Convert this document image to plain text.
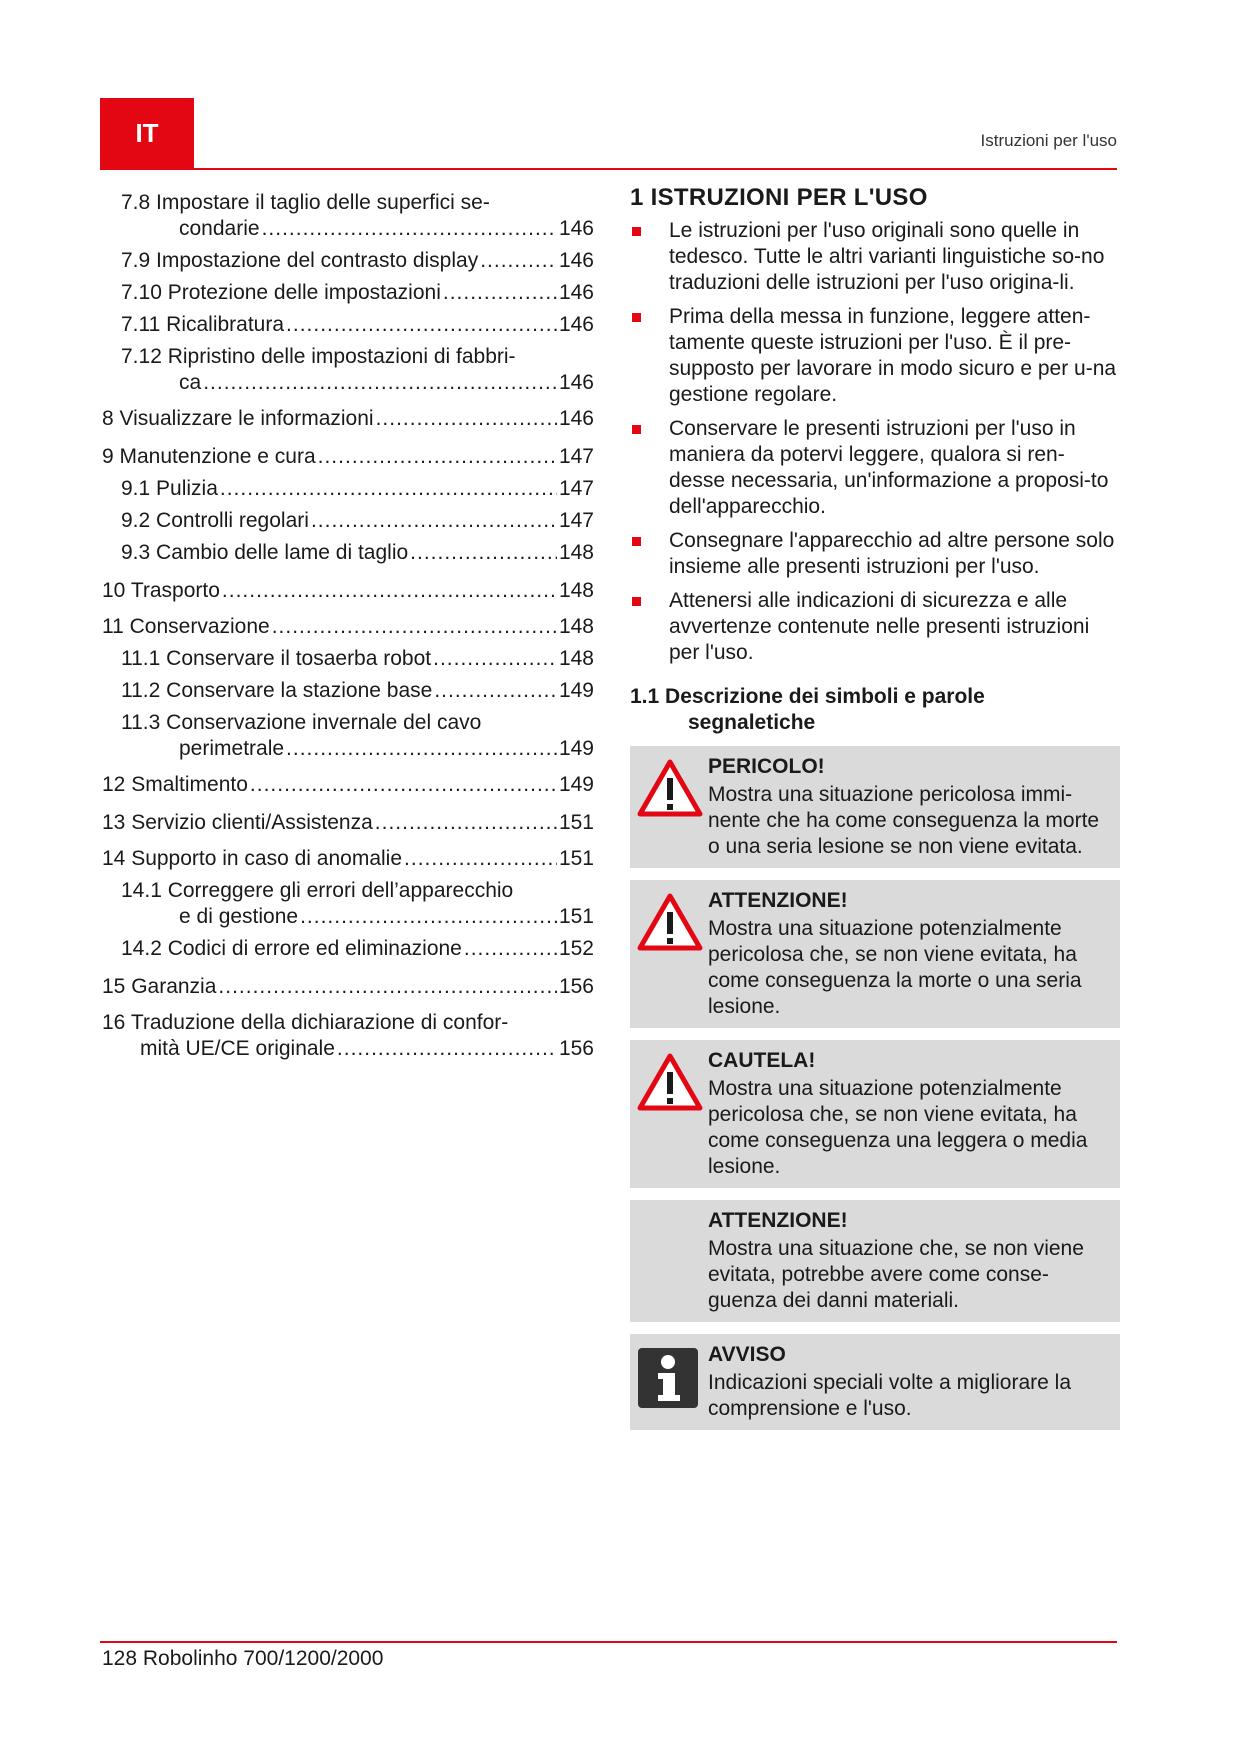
IT	Istruzioni per l'uso
7.8 Impostare il taglio delle superfici se-
condarie .....	146
7.9 Impostazione del contrasto display .....	146
7.10 Protezione delle impostazioni .....	146
7.11 Ricalibratura .....	146
7.12 Ripristino delle impostazioni di fabbri-
ca .....	146
8 Visualizzare le informazioni .....	146
9 Manutenzione e cura .....	147
9.1 Pulizia .....	147
9.2 Controlli regolari .....	147
9.3 Cambio delle lame di taglio .....	148
10 Trasporto .....	148
11 Conservazione .....	148
11.1 Conservare il tosaerba robot .....	148
11.2 Conservare la stazione base .....	149
11.3 Conservazione invernale del cavo
perimetrale .....	149
12 Smaltimento .....	149
13 Servizio clienti/Assistenza .....	151
14 Supporto in caso di anomalie .....	151
14.1 Correggere gli errori dell’apparecchio
e di gestione .....	151
14.2 Codici di errore ed eliminazione .....	152
15 Garanzia .....	156
16 Traduzione della dichiarazione di confor-
mità UE/CE originale .....	156
1 ISTRUZIONI PER L'USO
Le istruzioni per l'uso originali sono quelle in tedesco. Tutte le altri varianti linguistiche so-no traduzioni delle istruzioni per l'uso origina-li.
Prima della messa in funzione, leggere atten-tamente queste istruzioni per l'uso. È il pre-supposto per lavorare in modo sicuro e per u-na gestione regolare.
Conservare le presenti istruzioni per l'uso in maniera da potervi leggere, qualora si ren-desse necessaria, un'informazione a proposi-to dell'apparecchio.
Consegnare l'apparecchio ad altre persone solo insieme alle presenti istruzioni per l'uso.
Attenersi alle indicazioni di sicurezza e alle avvertenze contenute nelle presenti istruzioni per l'uso.
1.1 Descrizione dei simboli e parole
segnaletiche
PERICOLO!
Mostra una situazione pericolosa immi-nente che ha come conseguenza la morte o una seria lesione se non viene evitata.
ATTENZIONE!
Mostra una situazione potenzialmente pericolosa che, se non viene evitata, ha come conseguenza la morte o una seria lesione.
CAUTELA!
Mostra una situazione potenzialmente pericolosa che, se non viene evitata, ha come conseguenza una leggera o media lesione.
ATTENZIONE!
Mostra una situazione che, se non viene evitata, potrebbe avere come conse-guenza dei danni materiali.
AVVISO
Indicazioni speciali volte a migliorare la comprensione e l'uso.
128 Robolinho 700/1200/2000
